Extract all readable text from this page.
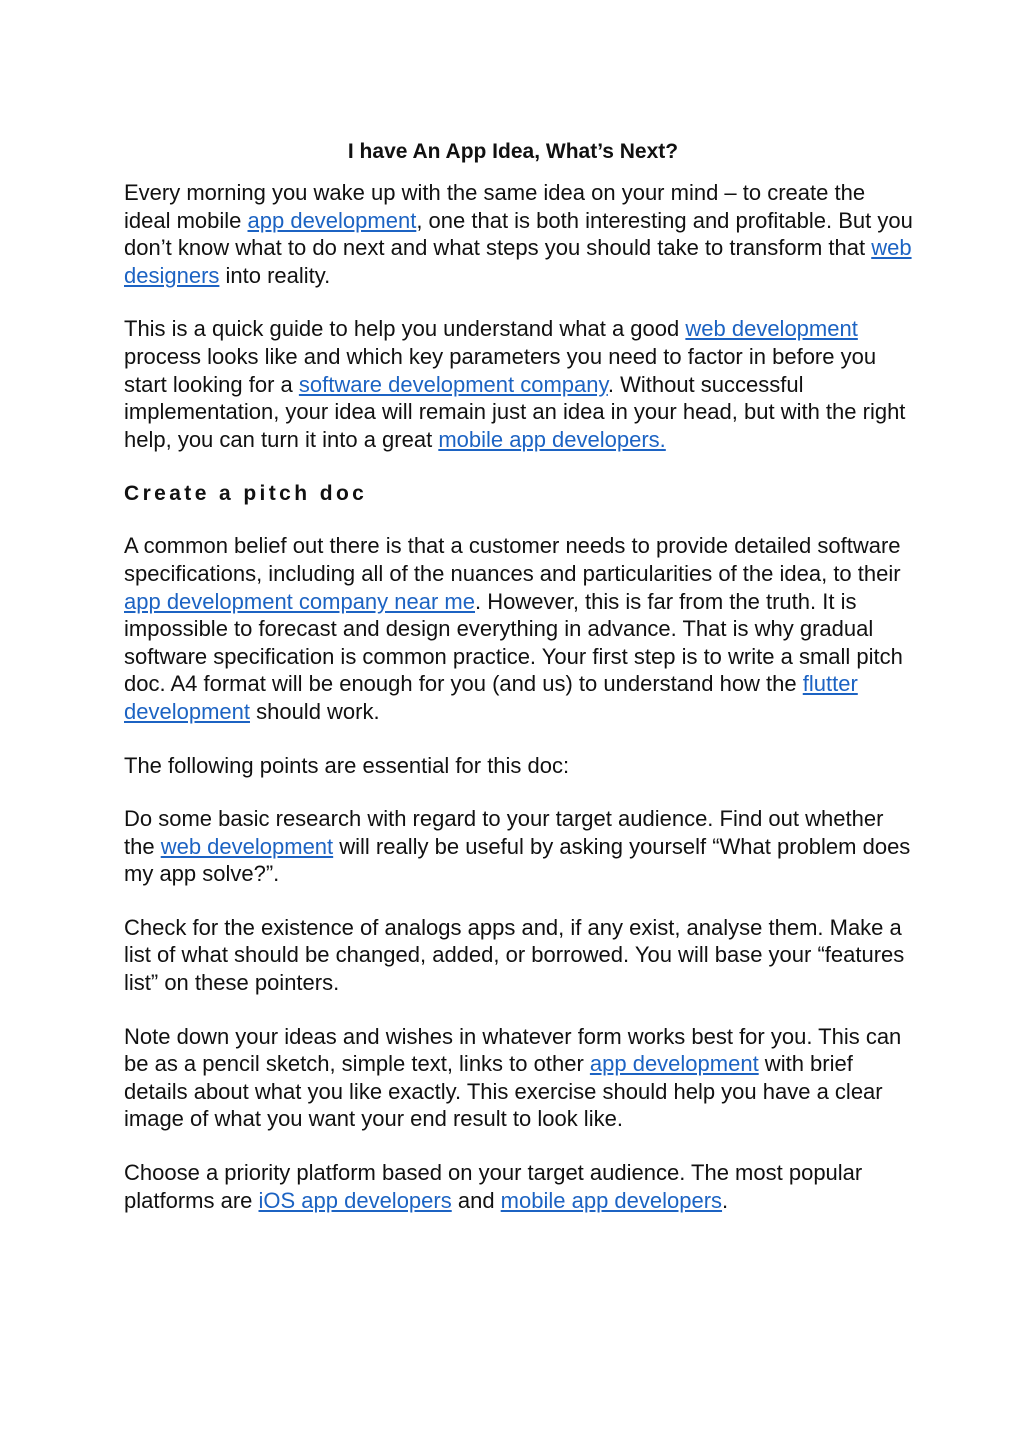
I have An App Idea, What’s Next?

Every morning you wake up with the same idea on your mind – to create the ideal mobile app development, one that is both interesting and profitable. But you don’t know what to do next and what steps you should take to transform that web designers into reality.

This is a quick guide to help you understand what a good web development process looks like and which key parameters you need to factor in before you start looking for a software development company. Without successful implementation, your idea will remain just an idea in your head, but with the right help, you can turn it into a great mobile app developers.

Create a pitch doc

A common belief out there is that a customer needs to provide detailed software specifications, including all of the nuances and particularities of the idea, to their app development company near me. However, this is far from the truth. It is impossible to forecast and design everything in advance. That is why gradual software specification is common practice. Your first step is to write a small pitch doc. A4 format will be enough for you (and us) to understand how the flutter development should work.

The following points are essential for this doc:

Do some basic research with regard to your target audience. Find out whether the web development will really be useful by asking yourself “What problem does my app solve?”.

Check for the existence of analogs apps and, if any exist, analyse them. Make a list of what should be changed, added, or borrowed. You will base your “features list” on these pointers.

Note down your ideas and wishes in whatever form works best for you. This can be as a pencil sketch, simple text, links to other app development with brief details about what you like exactly. This exercise should help you have a clear image of what you want your end result to look like.

Choose a priority platform based on your target audience. The most popular platforms are iOS app developers and mobile app developers.
